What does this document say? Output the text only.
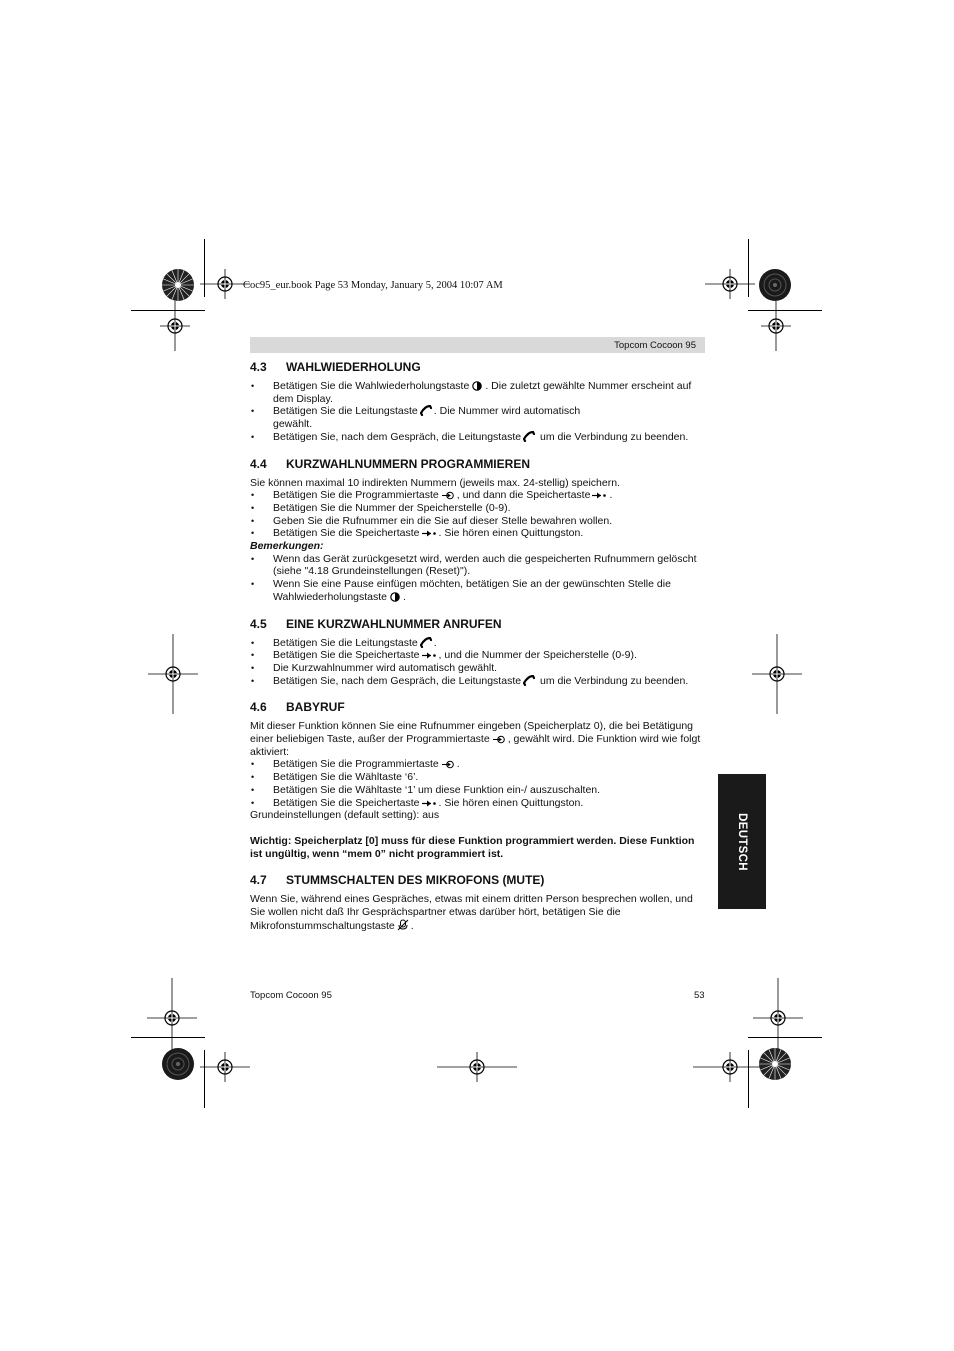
Coc95_eur.book Page 53 Monday, January 5, 2004 10:07 AM
Topcom Cocoon 95
4.3 WAHLWIEDERHOLUNG
• Betätigen Sie die Wahlwiederholungstaste . Die zuletzt gewählte Nummer erscheint auf dem Display.
• Betätigen Sie die Leitungstaste . Die Nummer wird automatisch
gewählt.
• Betätigen Sie, nach dem Gespräch, die Leitungstaste um die Verbindung zu beenden.
4.4 KURZWAHLNUMMERN PROGRAMMIEREN

Sie können maximal 10 indirekten Nummern (jeweils max. 24-stellig) speichern.

• Betätigen Sie die Programmiertaste , und dann die Speichertaste .
• Betätigen Sie die Nummer der Speicherstelle (0-9).
• Geben Sie die Rufnummer ein die Sie auf dieser Stelle bewahren wollen.
• Betätigen Sie die Speichertaste . Sie hören einen Quittungston.

Bemerkungen:

• Wenn das Gerät zurückgesetzt wird, werden auch die gespeicherten Rufnummern gelöscht (siehe "4.18 Grundeinstellungen (Reset)").
• Wenn Sie eine Pause einfügen möchten, betätigen Sie an der gewünschten Stelle die Wahlwiederholungstaste .
4.5 EINE KURZWAHLNUMMER ANRUFEN
• Betätigen Sie die Leitungstaste .
• Betätigen Sie die Speichertaste , und die Nummer der Speicherstelle (0-9).
• Die Kurzwahlnummer wird automatisch gewählt.
• Betätigen Sie, nach dem Gespräch, die Leitungstaste um die Verbindung zu beenden.
4.6 BABYRUF

Mit dieser Funktion können Sie eine Rufnummer eingeben (Speicherplatz 0), die bei Betätigung einer beliebigen Taste, außer der Programmiertaste , gewählt wird. Die Funktion wird wie folgt aktiviert:

• Betätigen Sie die Programmiertaste .
• Betätigen Sie die Wähltaste ‘6’.
• Betätigen Sie die Wähltaste ‘1’ um diese Funktion ein-/ auszuschalten.
• Betätigen Sie die Speichertaste . Sie hören einen Quittungston.

Grundeinstellungen (default setting): aus

Wichtig: Speicherplatz [0] muss für diese Funktion programmiert werden. Diese Funktion ist ungültig, wenn “mem 0” nicht programmiert ist.

4.7 STUMMSCHALTEN DES MIKROFONS (MUTE)

Wenn Sie, während eines Gespräches, etwas mit einem dritten Person besprechen wollen, und Sie wollen nicht daß Ihr Gesprächspartner etwas darüber hört, betätigen Sie die Mikrofonstummschaltungstaste .

DEUTSCH
Topcom Cocoon 95	53
